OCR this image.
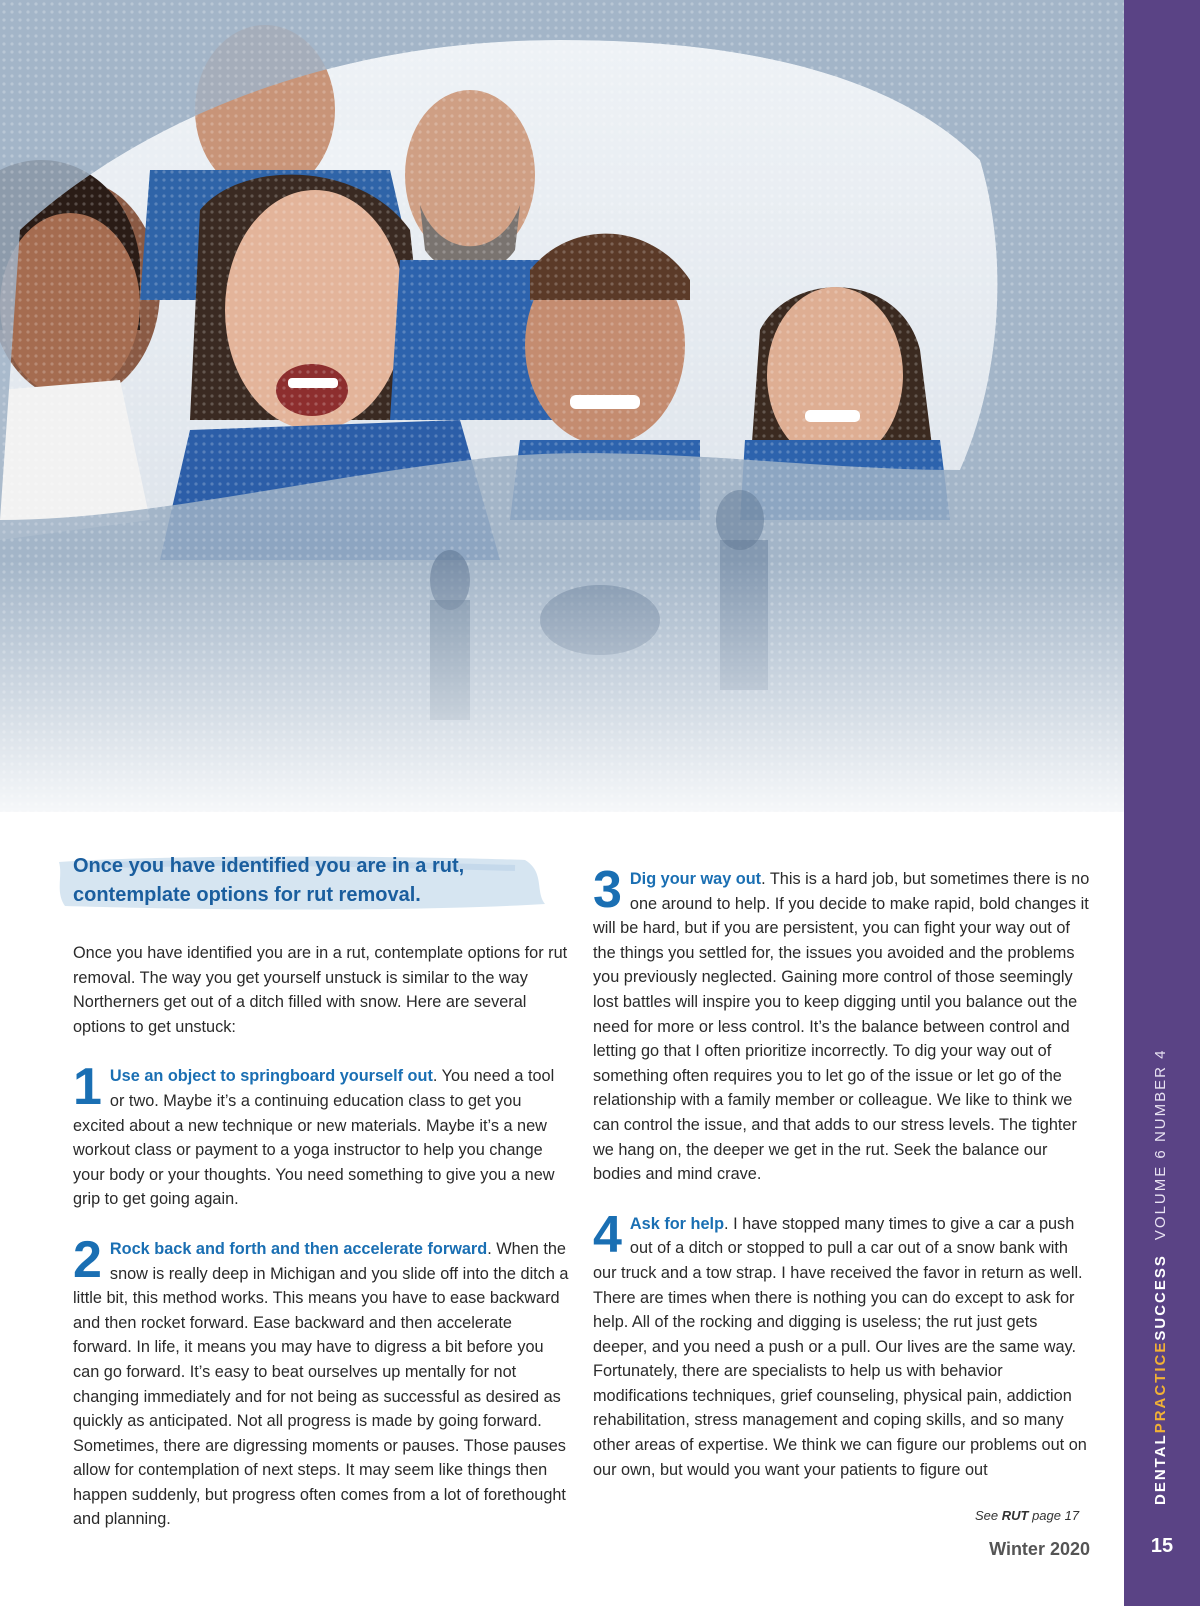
DENTALPRACTICESUCCESSVOLUME 6 NUMBER 4
15
Winter 2020
Once you have identified you are in a rut,
contemplate options for rut removal.

Once you have identified you are in a rut, contemplate options for rut removal. The way you get yourself unstuck is similar to the way Northerners get out of a ditch filled with snow. Here are several options to get unstuck:

1 Use an object to springboard yourself out. You need a tool or two. Maybe it’s a continuing education class to get you excited about a new technique or new materials. Maybe it’s a new workout class or payment to a yoga instructor to help you change your body or your thoughts. You need something to give you a new grip to get going again.
2 Rock back and forth and then accelerate forward. When the snow is really deep in Michigan and you slide off into the ditch a little bit, this method works. This means you have to ease backward and then rocket forward. Ease backward and then accelerate forward. In life, it means you may have to digress a bit before you can go forward. It’s easy to beat ourselves up mentally for not changing immediately and for not being as successful as desired as quickly as anticipated. Not all progress is made by going forward. Sometimes, there are digressing moments or pauses. Those pauses allow for contemplation of next steps. It may seem like things then happen suddenly, but progress often comes from a lot of forethought and planning.
3 Dig your way out. This is a hard job, but sometimes there is no one around to help. If you decide to make rapid, bold changes it will be hard, but if you are persistent, you can fight your way out of the things you settled for, the issues you avoided and the problems you previously neglected. Gaining more control of those seemingly lost battles will inspire you to keep digging until you balance out the need for more or less control. It’s the balance between control and letting go that I often prioritize incorrectly. To dig your way out of something often requires you to let go of the issue or let go of the relationship with a family member or colleague. We like to think we can control the issue, and that adds to our stress levels. The tighter we hang on, the deeper we get in the rut. Seek the balance our bodies and mind crave.
4 Ask for help. I have stopped many times to give a car a push out of a ditch or stopped to pull a car out of a snow bank with our truck and a tow strap. I have received the favor in return as well. There are times when there is nothing you can do except to ask for help. All of the rocking and digging is useless; the rut just gets deeper, and you need a push or a pull. Our lives are the same way. Fortunately, there are specialists to help us with behavior modifications techniques, grief counseling, physical pain, addiction rehabilitation, stress management and coping skills, and so many other areas of expertise. We think we can figure our problems out on our own, but would you want your patients to figure out
See RUT page 17
